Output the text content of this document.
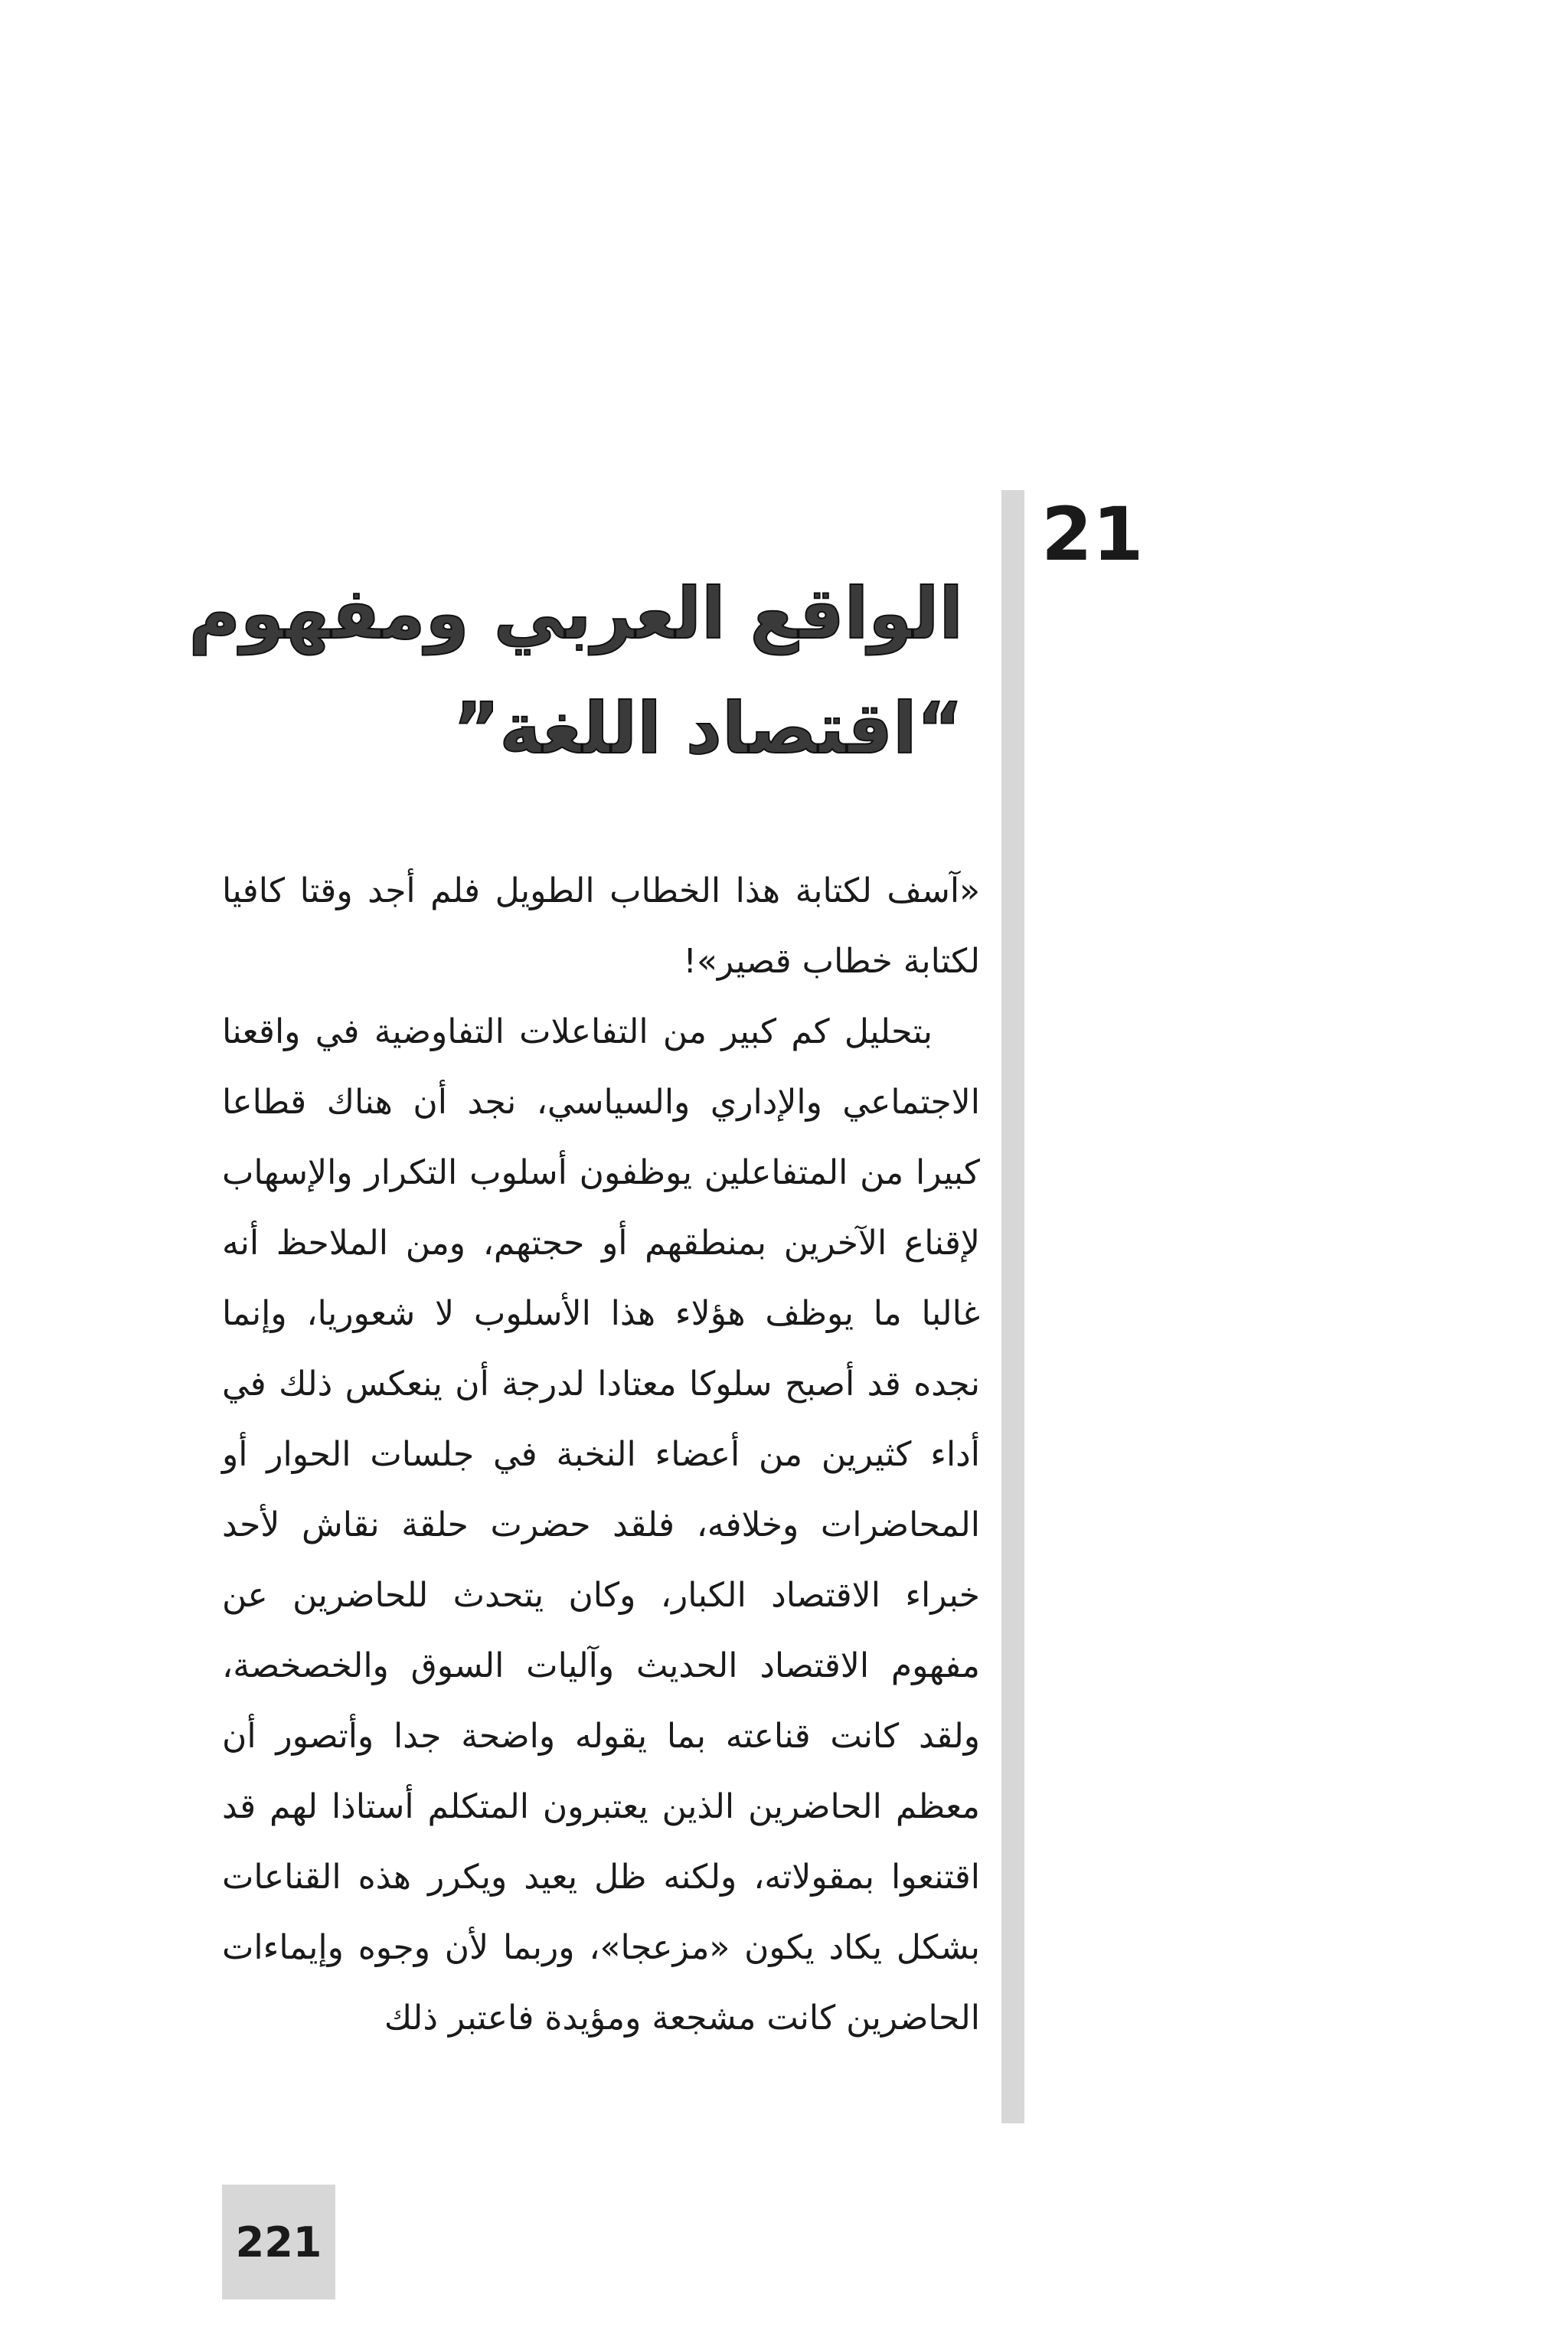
21
الواقع العربي ومفهوم
“اقتصاد اللغة”

«آسف لكتابة هذا الخطاب الطويل فلم أجد وقتا كافيا لكتابة خطاب قصير»!

بتحليل كم كبير من التفاعلات التفاوضية في واقعنا الاجتماعي والإداري والسياسي، نجد أن هناك قطاعا كبيرا من المتفاعلين يوظفون أسلوب التكرار والإسهاب لإقناع الآخرين بمنطقهم أو حجتهم، ومن الملاحظ أنه غالبا ما يوظف هؤلاء هذا الأسلوب لا شعوريا، وإنما نجده قد أصبح سلوكا معتادا لدرجة أن ينعكس ذلك في أداء كثيرين من أعضاء النخبة في جلسات الحوار أو المحاضرات وخلافه، فلقد حضرت حلقة نقاش لأحد خبراء الاقتصاد الكبار، وكان يتحدث للحاضرين عن مفهوم الاقتصاد الحديث وآليات السوق والخصخصة، ولقد كانت قناعته بما يقوله واضحة جدا وأتصور أن معظم الحاضرين الذين يعتبرون المتكلم أستاذا لهم قد اقتنعوا بمقولاته، ولكنه ظل يعيد ويكرر هذه القناعات بشكل يكاد يكون «مزعجا»، وربما لأن وجوه وإيماءات الحاضرين كانت مشجعة ومؤيدة فاعتبر ذلك

221
